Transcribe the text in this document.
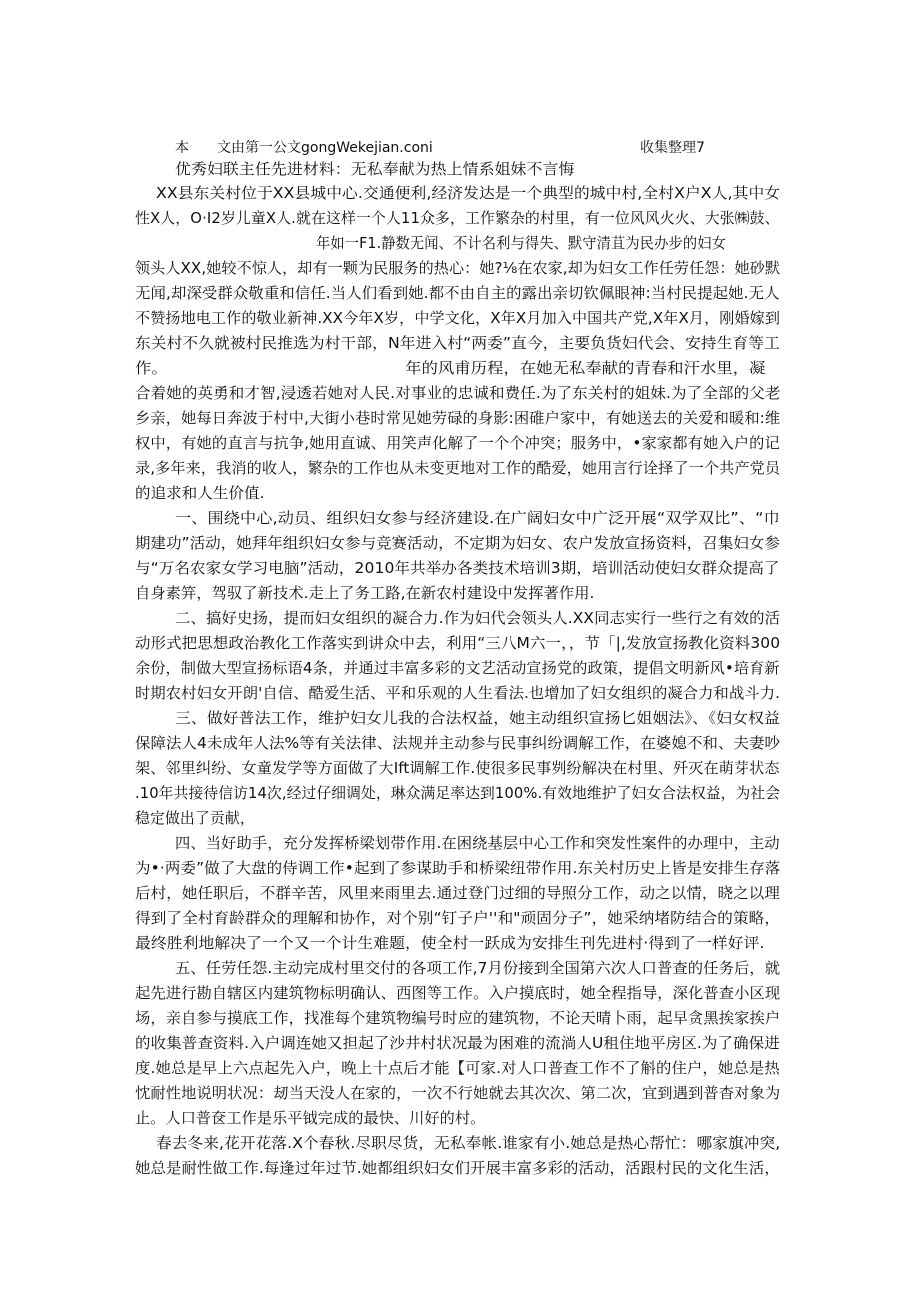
本　　文由第一公文gongWekejian.coni	收集整理7
优秀妇联主任先进材料：无私奉献为热上情系姐妹不言悔
XX县东关村位于XX县城中心.交通便利,经济发达是一个典型的城中村,全村X户X人,其中女
性X人，O·I2岁儿童X人.就在这样一个人11众多，工作繁杂的村里，有一位风风火火、大张㈱鼓、
年如一F1.静数无闻、不计名利与得失、默守清苴为民办步的妇女
领头人XX,她较不惊人，却有一颗为民服务的热心：她?⅛在农家,却为妇女工作任劳任怨：她砂默
无闻,却深受群众敬重和信任.当人们看到她.都不由自主的露出亲切钦佩眼神:当村民提起她.无人
不赞扬地电工作的敬业新神.XX今年X岁，中学文化，X年X月加入中国共产党,X年X月，刚婚嫁到
东关村不久就被村民推选为村干部，N年进入村“两委”直今，主要负货妇代会、安持生育等工
作。　　　　　　　　　　　　　　　年的风甫历程，在她无私奉献的青春和汗水里，凝
合着她的英勇和才智,浸透若她对人民.对事业的忠诚和费任.为了东关村的姐妹.为了全部的父老
乡亲，她每日奔波于村中,大街小巷时常见她劳碌的身影:困碓户家中，有她送去的关爱和暖和:维
权中，有她的直言与抗争,她用直诚、用笑声化解了一个个冲突；服务中，•家家都有她入户的记
录,多年来，我消的收人，繁杂的工作也从未变更地对工作的酷爱，她用言行诠择了一个共产党员
的追求和人生价值.
一、围绕中心,动员、组织妇女参与经济建设.在广阔妇女中广泛开展“双学双比”、“巾
期建功”活动，她拜年组织妇女参与竞赛活动，不定期为妇女、农户发放宣扬资料，召集妇女参
与“万名农家女学习电脑”活动，2010年共举办各类技术培训3期，培训活动使妇女群众提高了
自身素笄，驾驭了新技术.走上了务工路,在新农村建设中发挥著作用.
二、搞好史扬，提而妇女组织的凝合力.作为妇代会领头人.XX同志实行一些行之有效的活
动形式把思想政治教化工作落实到讲众中去，利用“三八M六一，，节「|,发放宣扬教化资料300
余份，制做大型宣扬标语4条，并通过丰富多彩的文艺活动宣扬党的政策，提倡文明新风•培育新
时期农村妇女开朗'自信、酷爱生活、平和乐观的人生看法.也增加了妇女组织的凝合力和战斗力.
三、做好普法工作，维护妇女儿我的合法权益，她主动组织宣扬匕姐姻法》、《妇女权益
保障法人4未成年人法%等有关法律、法规并主动参与民事纠纷调解工作，在婆媳不和、夫妻吵
架、邻里纠纷、女童发学等方面做了大Ift调解工作.使很多民事刿纷解决在村里、歼灭在萌芽状态
.10年共接待信访14次,经过仔细调处，琳众满足率达到100%.有效地维护了妇女合法权益，为社会
稳定做出了贡献，
四、当好助手，充分发挥桥梁划带作用.在困绕基层中心工作和突发性案件的办理中，主动
为•·两委”做了大盘的侍调工作•起到了参谋助手和桥梁纽带作用.东关村历史上皆是安排生存落
后村，她任职后，不群辛苦，风里来雨里去.通过登门过细的导照分工作，动之以情，晓之以理
得到了全村育龄群众的理解和协作，对个别“钉子户''和"顽固分子”，她采纳堵防结合的策略，
最终胜利地解决了一个又一个计生难题，使全村一跃成为安排生刊先进村·得到了一样好评.
五、任劳任怨.主动完成村里交付的各项工作,7月份接到全国第六次人口普查的任务后，就
起先进行勘自辖区内建筑物标明确认、西图等工作。入户摸底时，她全程指导，深化普查小区现
场，亲自参与摸底工作，找准每个建筑物编号时应的建筑物，不论天晴卜雨，起早贪黑挨家挨户
的收集普查资料.入户调连她又担起了沙井村状况最为困难的流淌人U租住地平房区.为了确保进
度.她总是早上六点起先入户，晚上十点后才能【可家.对人口普查工作不了斛的住户，她总是热
忱耐性地说明状况：刼当天没人在家的，一次不行她就去其次次、第二次，宜到遇到普杳对象为
止。人口普奁工作是乐平钺完成的最快、川好的村。
春去冬来,花开花落.X个春秋.尽职尽货，无私奉帐.谁家有小.她总是热心帮忙：哪家旗冲突,
她总是耐性做工作.每逢过年过节.她都组织妇女们开展丰富多彩的活动，活跟村民的文化生活，
